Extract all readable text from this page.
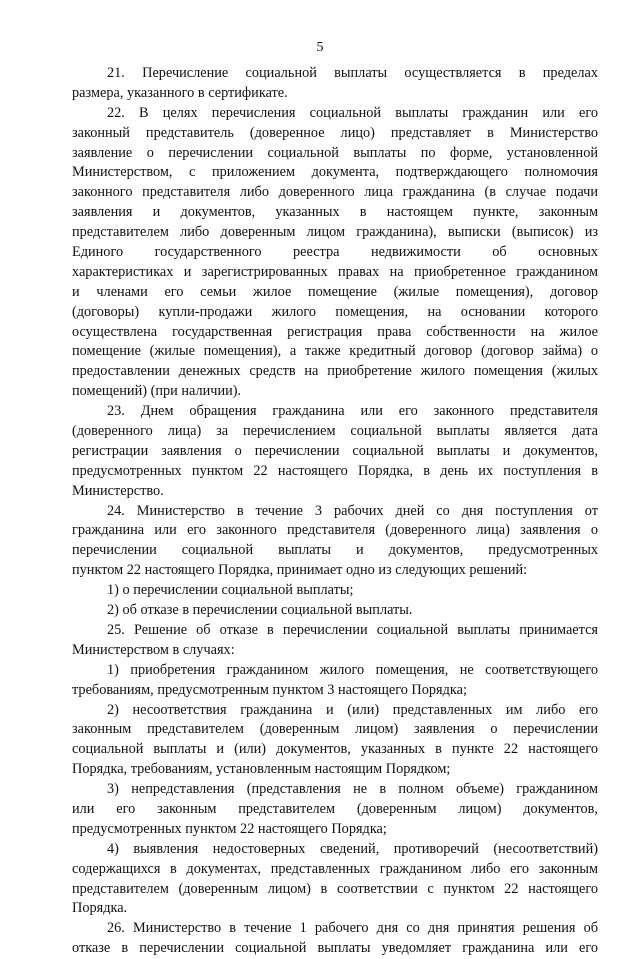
5
21. Перечисление социальной выплаты осуществляется в пределах
размера, указанного в сертификате.
22. В целях перечисления социальной выплаты гражданин или его
законный представитель (доверенное лицо) представляет в Министерство
заявление о перечислении социальной выплаты по форме, установленной
Министерством, с приложением документа, подтверждающего полномочия
законного представителя либо доверенного лица гражданина (в случае подачи
заявления и документов, указанных в настоящем пункте, законным
представителем либо доверенным лицом гражданина), выписки (выписок) из
Единого государственного реестра недвижимости об основных
характеристиках и зарегистрированных правах на приобретенное гражданином
и членами его семьи жилое помещение (жилые помещения), договор
(договоры) купли-продажи жилого помещения, на основании которого
осуществлена государственная регистрация права собственности на жилое
помещение (жилые помещения), а также кредитный договор (договор займа) о
предоставлении денежных средств на приобретение жилого помещения (жилых
помещений) (при наличии).
23. Днем обращения гражданина или его законного представителя
(доверенного лица) за перечислением социальной выплаты является дата
регистрации заявления о перечислении социальной выплаты и документов,
предусмотренных пунктом 22 настоящего Порядка, в день их поступления в
Министерство.
24. Министерство в течение 3 рабочих дней со дня поступления от
гражданина или его законного представителя (доверенного лица) заявления о
перечислении социальной выплаты и документов, предусмотренных
пунктом 22 настоящего Порядка, принимает одно из следующих решений:
1) о перечислении социальной выплаты;
2) об отказе в перечислении социальной выплаты.
25. Решение об отказе в перечислении социальной выплаты принимается
Министерством в случаях:
1) приобретения гражданином жилого помещения, не соответствующего
требованиям, предусмотренным пунктом 3 настоящего Порядка;
2) несоответствия гражданина и (или) представленных им либо его
законным представителем (доверенным лицом) заявления о перечислении
социальной выплаты и (или) документов, указанных в пункте 22 настоящего
Порядка, требованиям, установленным настоящим Порядком;
3) непредставления (представления не в полном объеме) гражданином
или его законным представителем (доверенным лицом) документов,
предусмотренных пунктом 22 настоящего Порядка;
4) выявления недостоверных сведений, противоречий (несоответствий)
содержащихся в документах, представленных гражданином либо его законным
представителем (доверенным лицом) в соответствии с пунктом 22 настоящего
Порядка.
26. Министерство в течение 1 рабочего дня со дня принятия решения об
отказе в перечислении социальной выплаты уведомляет гражданина или его
